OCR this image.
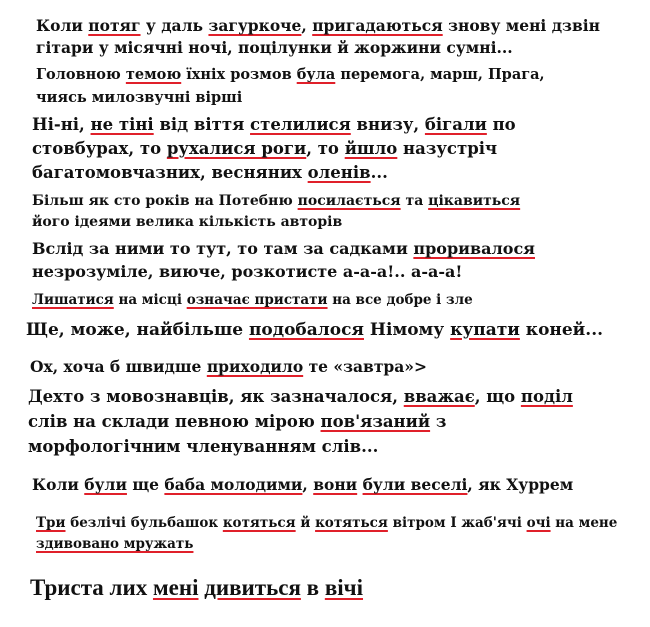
Коли потяг у даль загуркоче, пригадаються знову мені дзвін
гітари у місячні ночі, поцілунки й жоржини сумні...
Головною темою їхніх розмов була перемога, марш, Прага,
чиясь милозвучні вірші
Ні-ні, не тіні від віття стелилися внизу, бігали по
стовбурах, то рухалися роги, то йшло назустріч
багатомовчазних, весняних оленів...
Більш як сто років на Потебню посилається та цікавиться
його ідеями велика кількість авторів
Вслід за ними то тут, то там за садками проривалося
незрозуміле, виюче, розкотисте а-а-а!.. а-а-а!
Лишатися на місці означає пристати на все добре і зле
Ще, може, найбільше подобалося Німому купати коней...
Ох, хоча б швидше приходило те «завтра»>
Дехто з мовознавців, як зазначалося, вважає, що поділ
слів на склади певною мірою пов'язаний з
морфологічним членуванням слів...
Коли були ще баба молодими, вони були веселі, як Хуррем
Три безлічі бульбашок котяться й котяться вітром І жаб'ячі очі на мене
здивовано мружать
Триста лих мені дивиться в вічі
